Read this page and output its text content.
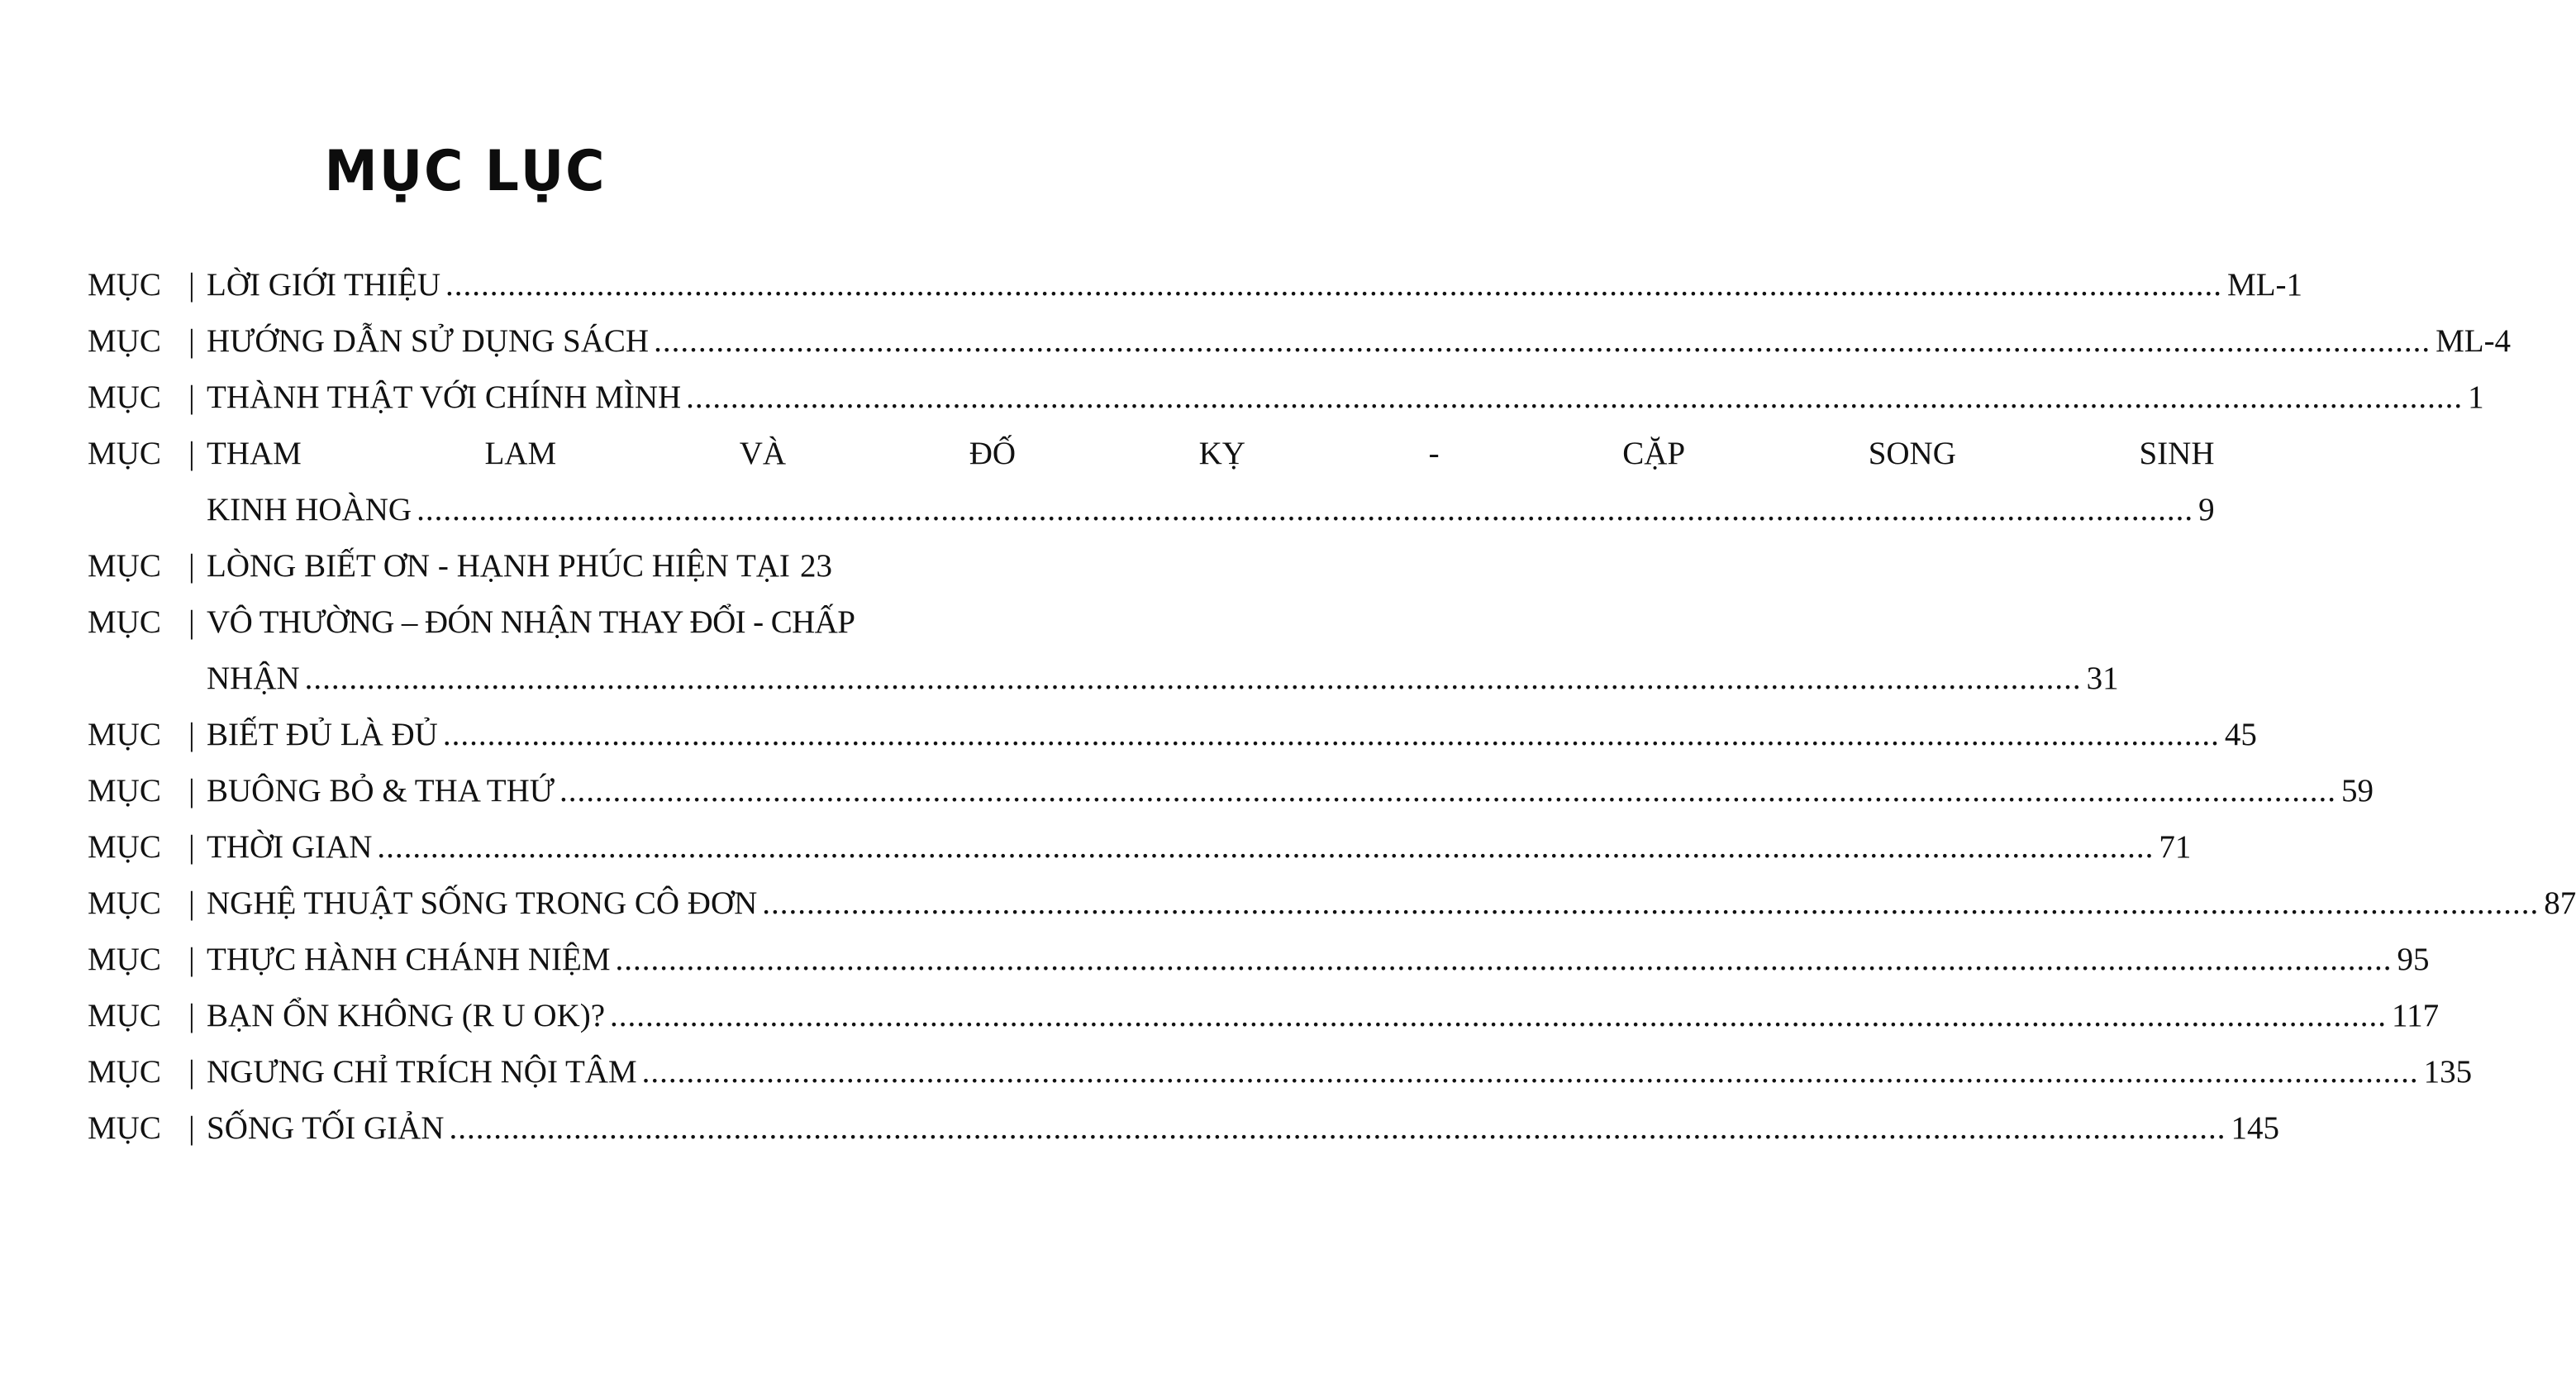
MỤC LỤC
MỤC | LỜI GIỚI THIỆU .....	ML-1
MỤC | HƯỚNG DẪN SỬ DỤNG SÁCH .....	ML-4
MỤC | THÀNH THẬT VỚI CHÍNH MÌNH .....	1
MỤC | THAM	LAM	VÀ	ĐỐ	KỴ	-	CẶP	SONG	SINH
KINH HOÀNG .....	9
MỤC | LÒNG BIẾT ƠN - HẠNH PHÚC HIỆN TẠI 23
MỤC | VÔ THƯỜNG – ĐÓN NHẬN THAY ĐỔI - CHẤP
NHẬN .....	31
MỤC | BIẾT ĐỦ LÀ ĐỦ .....	45
MỤC | BUÔNG BỎ & THA THỨ .....	59
MỤC | THỜI GIAN .....	71
MỤC | NGHỆ THUẬT SỐNG TRONG CÔ ĐƠN .....	87
MỤC | THỰC HÀNH CHÁNH NIỆM .....	95
MỤC | BẠN ỔN KHÔNG (R U OK)? .....	117
MỤC | NGƯNG CHỈ TRÍCH NỘI TÂM .....	135
MỤC | SỐNG TỐI GIẢN .....	145
